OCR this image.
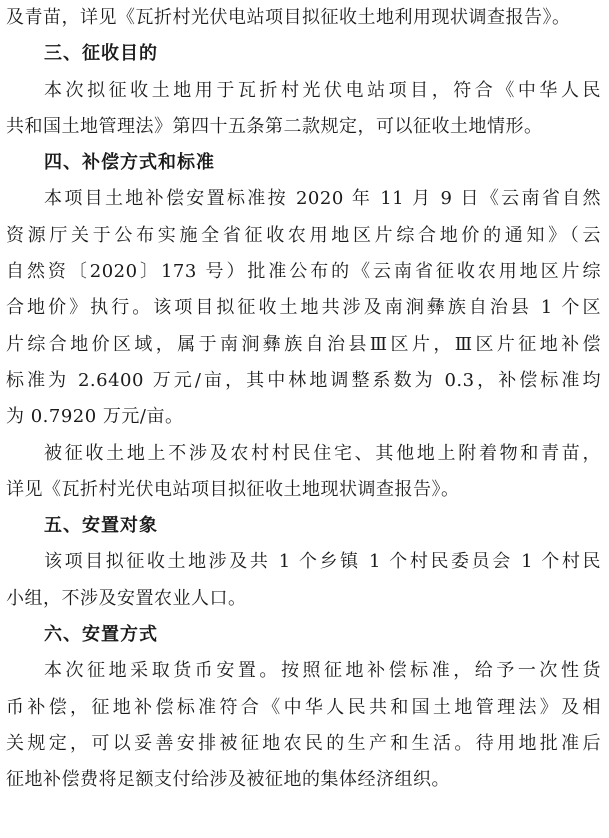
及青苗，详见《瓦折村光伏电站项目拟征收土地利用现状调查报告》。
三、征收目的
本次拟征收土地用于瓦折村光伏电站项目，符合《中华人民
共和国土地管理法》第四十五条第二款规定，可以征收土地情形。
四、补偿方式和标准
本项目土地补偿安置标准按 2020 年 11 月 9 日《云南省自然
资源厅关于公布实施全省征收农用地区片综合地价的通知》（云
自然资〔2020〕173 号）批准公布的《云南省征收农用地区片综
合地价》执行。该项目拟征收土地共涉及南涧彝族自治县 1 个区
片综合地价区域，属于南涧彝族自治县Ⅲ区片，Ⅲ区片征地补偿
标准为 2.6400 万元/亩，其中林地调整系数为 0.3，补偿标准均
为 0.7920 万元/亩。
被征收土地上不涉及农村村民住宅、其他地上附着物和青苗，
详见《瓦折村光伏电站项目拟征收土地现状调查报告》。
五、安置对象
该项目拟征收土地涉及共 1 个乡镇 1 个村民委员会 1 个村民
小组，不涉及安置农业人口。
六、安置方式
本次征地采取货币安置。按照征地补偿标准，给予一次性货
币补偿，征地补偿标准符合《中华人民共和国土地管理法》及相
关规定，可以妥善安排被征地农民的生产和生活。待用地批准后
征地补偿费将足额支付给涉及被征地的集体经济组织。
